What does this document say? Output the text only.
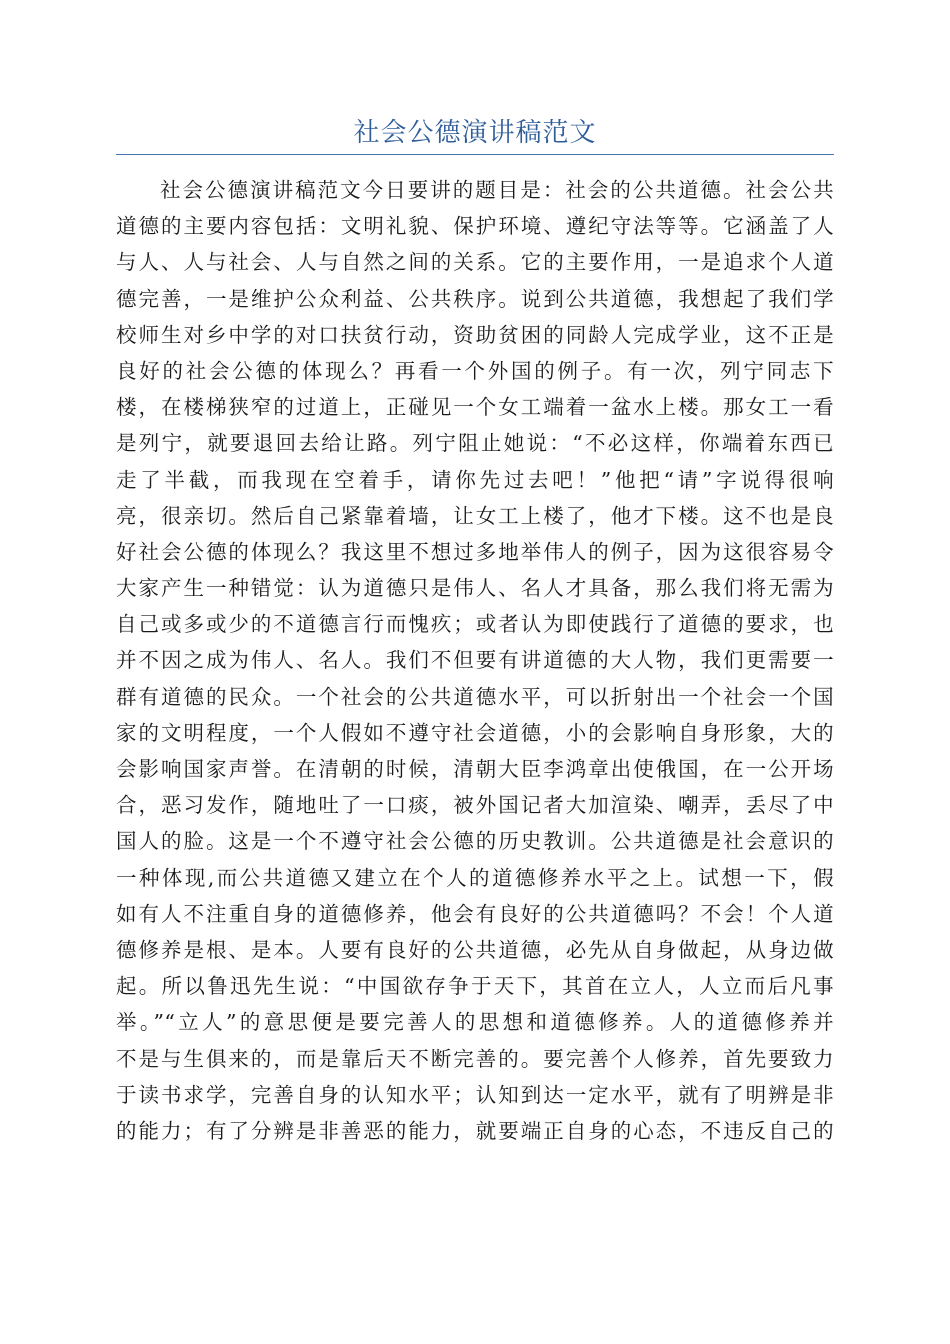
社会公德演讲稿范文
社会公德演讲稿范文今日要讲的题目是：社会的公共道德。社会公共
道德的主要内容包括：文明礼貌、保护环境、遵纪守法等等。它涵盖了人
与人、人与社会、人与自然之间的关系。它的主要作用，一是追求个人道
德完善，一是维护公众利益、公共秩序。说到公共道德，我想起了我们学
校师生对乡中学的对口扶贫行动，资助贫困的同龄人完成学业，这不正是
良好的社会公德的体现么？再看一个外国的例子。有一次，列宁同志下
楼，在楼梯狭窄的过道上，正碰见一个女工端着一盆水上楼。那女工一看
是列宁，就要退回去给让路。列宁阻止她说：“不必这样，你端着东西已
走了半截，而我现在空着手，请你先过去吧！”他把“请”字说得很响
亮，很亲切。然后自己紧靠着墙，让女工上楼了，他才下楼。这不也是良
好社会公德的体现么？我这里不想过多地举伟人的例子，因为这很容易令
大家产生一种错觉：认为道德只是伟人、名人才具备，那么我们将无需为
自己或多或少的不道德言行而愧疚；或者认为即使践行了道德的要求，也
并不因之成为伟人、名人。我们不但要有讲道德的大人物，我们更需要一
群有道德的民众。一个社会的公共道德水平，可以折射出一个社会一个国
家的文明程度，一个人假如不遵守社会道德，小的会影响自身形象，大的
会影响国家声誉。在清朝的时候，清朝大臣李鸿章出使俄国，在一公开场
合，恶习发作，随地吐了一口痰，被外国记者大加渲染、嘲弄，丢尽了中
国人的脸。这是一个不遵守社会公德的历史教训。公共道德是社会意识的
一种体现,而公共道德又建立在个人的道德修养水平之上。试想一下，假
如有人不注重自身的道德修养，他会有良好的公共道德吗？不会！个人道
德修养是根、是本。人要有良好的公共道德，必先从自身做起，从身边做
起。所以鲁迅先生说：“中国欲存争于天下，其首在立人，人立而后凡事
举。”“立人”的意思便是要完善人的思想和道德修养。人的道德修养并
不是与生俱来的，而是靠后天不断完善的。要完善个人修养，首先要致力
于读书求学，完善自身的认知水平；认知到达一定水平，就有了明辨是非
的能力；有了分辨是非善恶的能力，就要端正自身的心态，不违反自己的
